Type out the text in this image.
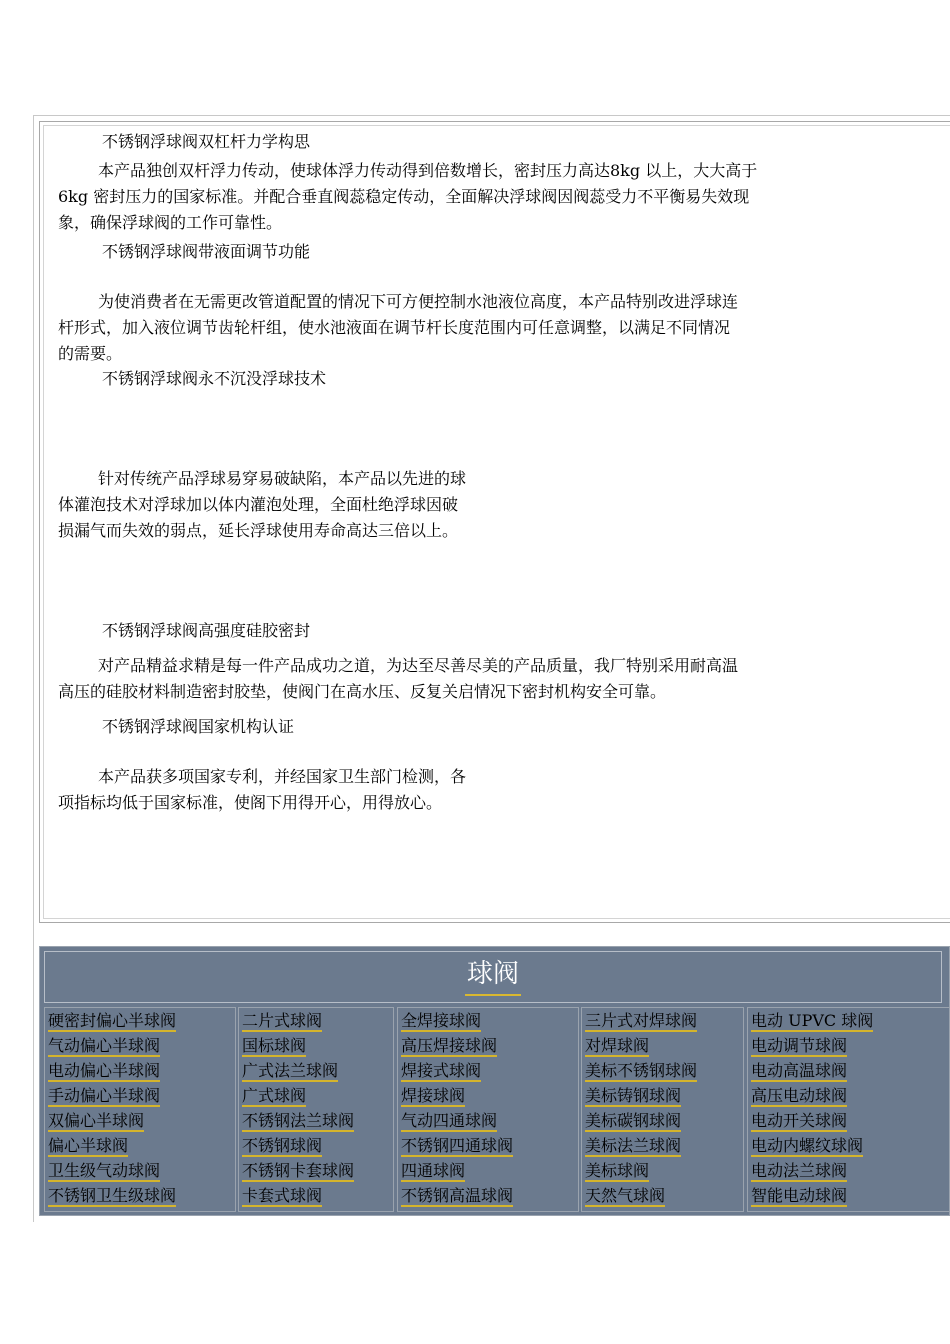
不锈钢浮球阀双杠杆力学构思
本产品独创双杆浮力传动，使球体浮力传动得到倍数增长，密封压力高达8kg 以上，大大高于
6kg 密封压力的国家标准。并配合垂直阀蕊稳定传动，全面解决浮球阀因阀蕊受力不平衡易失效现
象，确保浮球阀的工作可靠性。
不锈钢浮球阀带液面调节功能
为使消费者在无需更改管道配置的情况下可方便控制水池液位高度，本产品特别改进浮球连
杆形式，加入液位调节齿轮杆组，使水池液面在调节杆长度范围内可任意调整，以满足不同情况
的需要。
不锈钢浮球阀永不沉没浮球技术
针对传统产品浮球易穿易破缺陷，本产品以先进的球
体灌泡技术对浮球加以体内灌泡处理，全面杜绝浮球因破
损漏气而失效的弱点，延长浮球使用寿命高达三倍以上。
不锈钢浮球阀高强度硅胶密封
对产品精益求精是每一件产品成功之道，为达至尽善尽美的产品质量，我厂特别采用耐高温
高压的硅胶材料制造密封胶垫，使阀门在高水压、反复关启情况下密封机构安全可靠。
不锈钢浮球阀国家机构认证
本产品获多项国家专利，并经国家卫生部门检测，各
项指标均低于国家标准，使阁下用得开心，用得放心。
球阀
硬密封偏心半球阀
气动偏心半球阀
电动偏心半球阀
手动偏心半球阀
双偏心半球阀
偏心半球阀
卫生级气动球阀
不锈钢卫生级球阀
二片式球阀
国标球阀
广式法兰球阀
广式球阀
不锈钢法兰球阀
不锈钢球阀
不锈钢卡套球阀
卡套式球阀
全焊接球阀
高压焊接球阀
焊接式球阀
焊接球阀
气动四通球阀
不锈钢四通球阀
四通球阀
不锈钢高温球阀
三片式对焊球阀
对焊球阀
美标不锈钢球阀
美标铸钢球阀
美标碳钢球阀
美标法兰球阀
美标球阀
天然气球阀
电动 UPVC 球阀
电动调节球阀
电动高温球阀
高压电动球阀
电动开关球阀
电动内螺纹球阀
电动法兰球阀
智能电动球阀
